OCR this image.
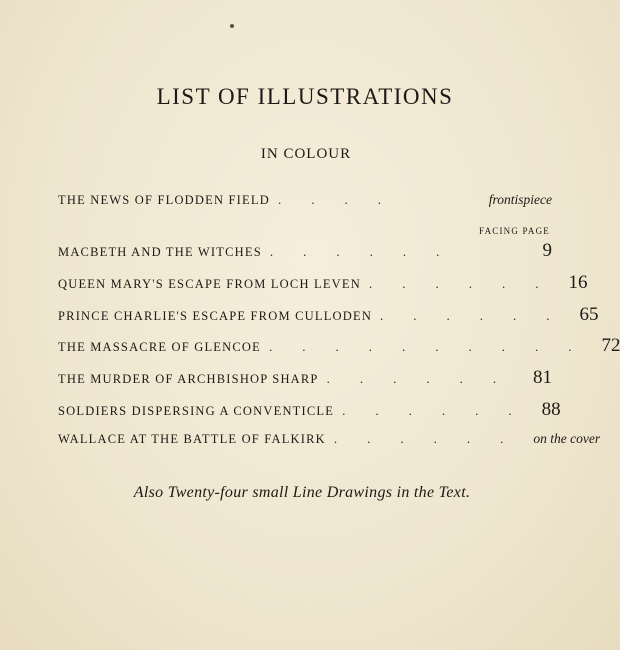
LIST OF ILLUSTRATIONS
IN COLOUR
FACING PAGE
THE NEWS OF FLODDEN FIELD ....	frontispiece
MACBETH AND THE WITCHES ......	9
QUEEN MARY'S ESCAPE FROM LOCH LEVEN ...... 16
PRINCE CHARLIE'S ESCAPE FROM CULLODEN ...... 65
THE MASSACRE OF GLENCOE .......... 72
THE MURDER OF ARCHBISHOP SHARP ...... 81
SOLDIERS DISPERSING A CONVENTICLE ...... 88
WALLACE AT THE BATTLE OF FALKIRK ...... on the cover
Also Twenty-four small Line Drawings in the Text.
